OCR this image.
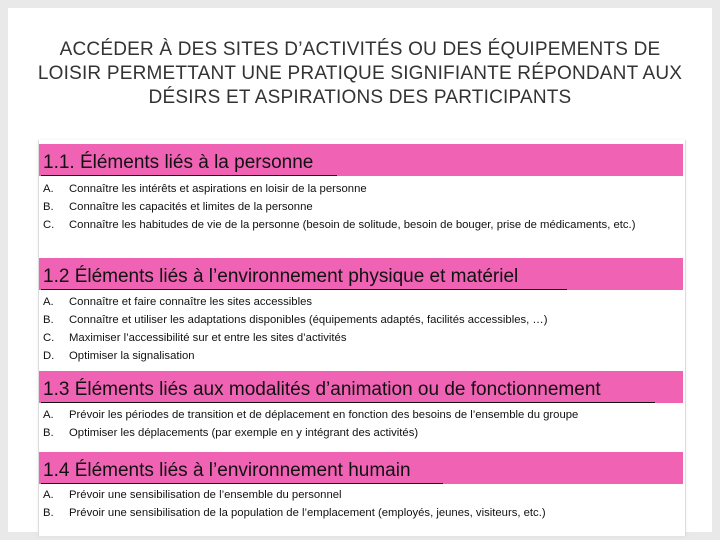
ACCÉDER À DES SITES D’ACTIVITÉS OU DES ÉQUIPEMENTS DE LOISIR PERMETTANT UNE PRATIQUE SIGNIFIANTE RÉPONDANT AUX DÉSIRS ET ASPIRATIONS DES PARTICIPANTS
1.1. Éléments liés à la personne
A.	Connaître les intérêts et aspirations en loisir de la personne
B.	Connaître les capacités et limites de la personne
C.	Connaître les habitudes de vie de la personne (besoin de solitude, besoin de bouger, prise de médicaments, etc.)
1.2 Éléments liés à l’environnement physique et matériel
A.	Connaître et faire connaître les sites accessibles
B.	Connaître et utiliser les adaptations disponibles (équipements adaptés, facilités accessibles, …)
C.	Maximiser l’accessibilité sur et entre les sites d’activités
D.	Optimiser la signalisation
1.3 Éléments liés aux modalités d’animation ou de fonctionnement
A.	Prévoir les périodes de transition et de déplacement en fonction des besoins de l’ensemble du groupe
B.	Optimiser les déplacements (par exemple en y intégrant des activités)
1.4 Éléments liés à l’environnement humain
A.	Prévoir une sensibilisation de l’ensemble du personnel
B.	Prévoir une sensibilisation de la population de l’emplacement (employés, jeunes, visiteurs, etc.)
